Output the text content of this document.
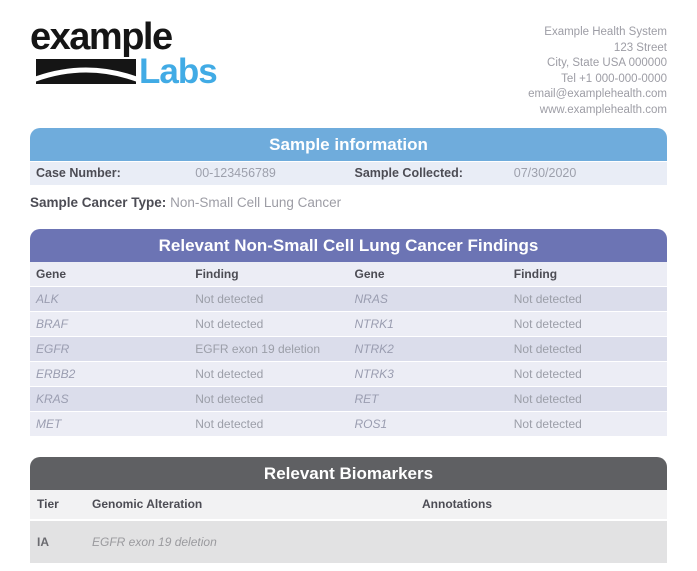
example
Labs
Example Health System
123 Street
City, State USA 000000
Tel +1 000-000-0000
email@examplehealth.com
www.examplehealth.com
Sample information
Case Number:	00-123456789	Sample Collected:	07/30/2020
Sample Cancer Type: Non-Small Cell Lung Cancer
Relevant Non-Small Cell Lung Cancer Findings
Gene	Finding	Gene	Finding
ALK	Not detected	NRAS	Not detected
BRAF	Not detected	NTRK1	Not detected
EGFR	EGFR exon 19 deletion	NTRK2	Not detected
ERBB2	Not detected	NTRK3	Not detected
KRAS	Not detected	RET	Not detected
MET	Not detected	ROS1	Not detected
Relevant Biomarkers
Tier	Genomic Alteration	Annotations
IA	EGFR exon 19 deletion
